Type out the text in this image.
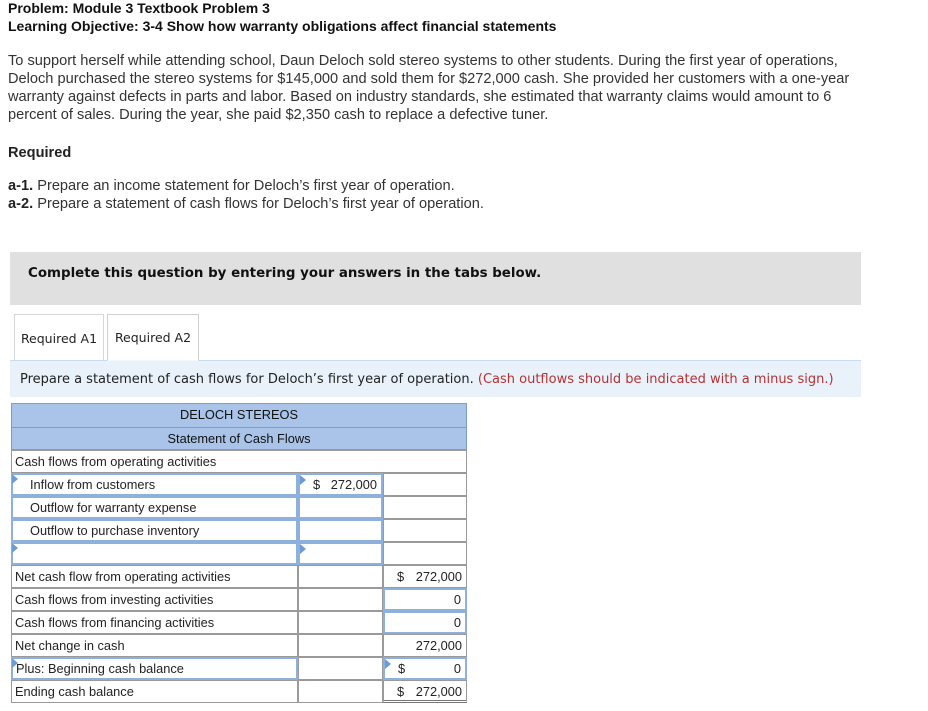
Problem: Module 3 Textbook Problem 3
Learning Objective: 3-4 Show how warranty obligations affect financial statements
To support herself while attending school, Daun Deloch sold stereo systems to other students. During the first year of operations,
Deloch purchased the stereo systems for $145,000 and sold them for $272,000 cash. She provided her customers with a one-year
warranty against defects in parts and labor. Based on industry standards, she estimated that warranty claims would amount to 6
percent of sales. During the year, she paid $2,350 cash to replace a defective tuner.
Required
a-1. Prepare an income statement for Deloch’s first year of operation.
a-2. Prepare a statement of cash flows for Deloch’s first year of operation.
Complete this question by entering your answers in the tabs below.
Required A1	Required A2
Prepare a statement of cash flows for Deloch’s first year of operation. (Cash outflows should be indicated with a minus sign.)
DELOCH STEREOS
Statement of Cash Flows
Cash flows from operating activities
Inflow from customers	$ 272,000
Outflow for warranty expense
Outflow to purchase inventory
Net cash flow from operating activities	$ 272,000
Cash flows from investing activities	0
Cash flows from financing activities	0
Net change in cash	272,000
Plus: Beginning cash balance	$	0
Ending cash balance	$ 272,000
